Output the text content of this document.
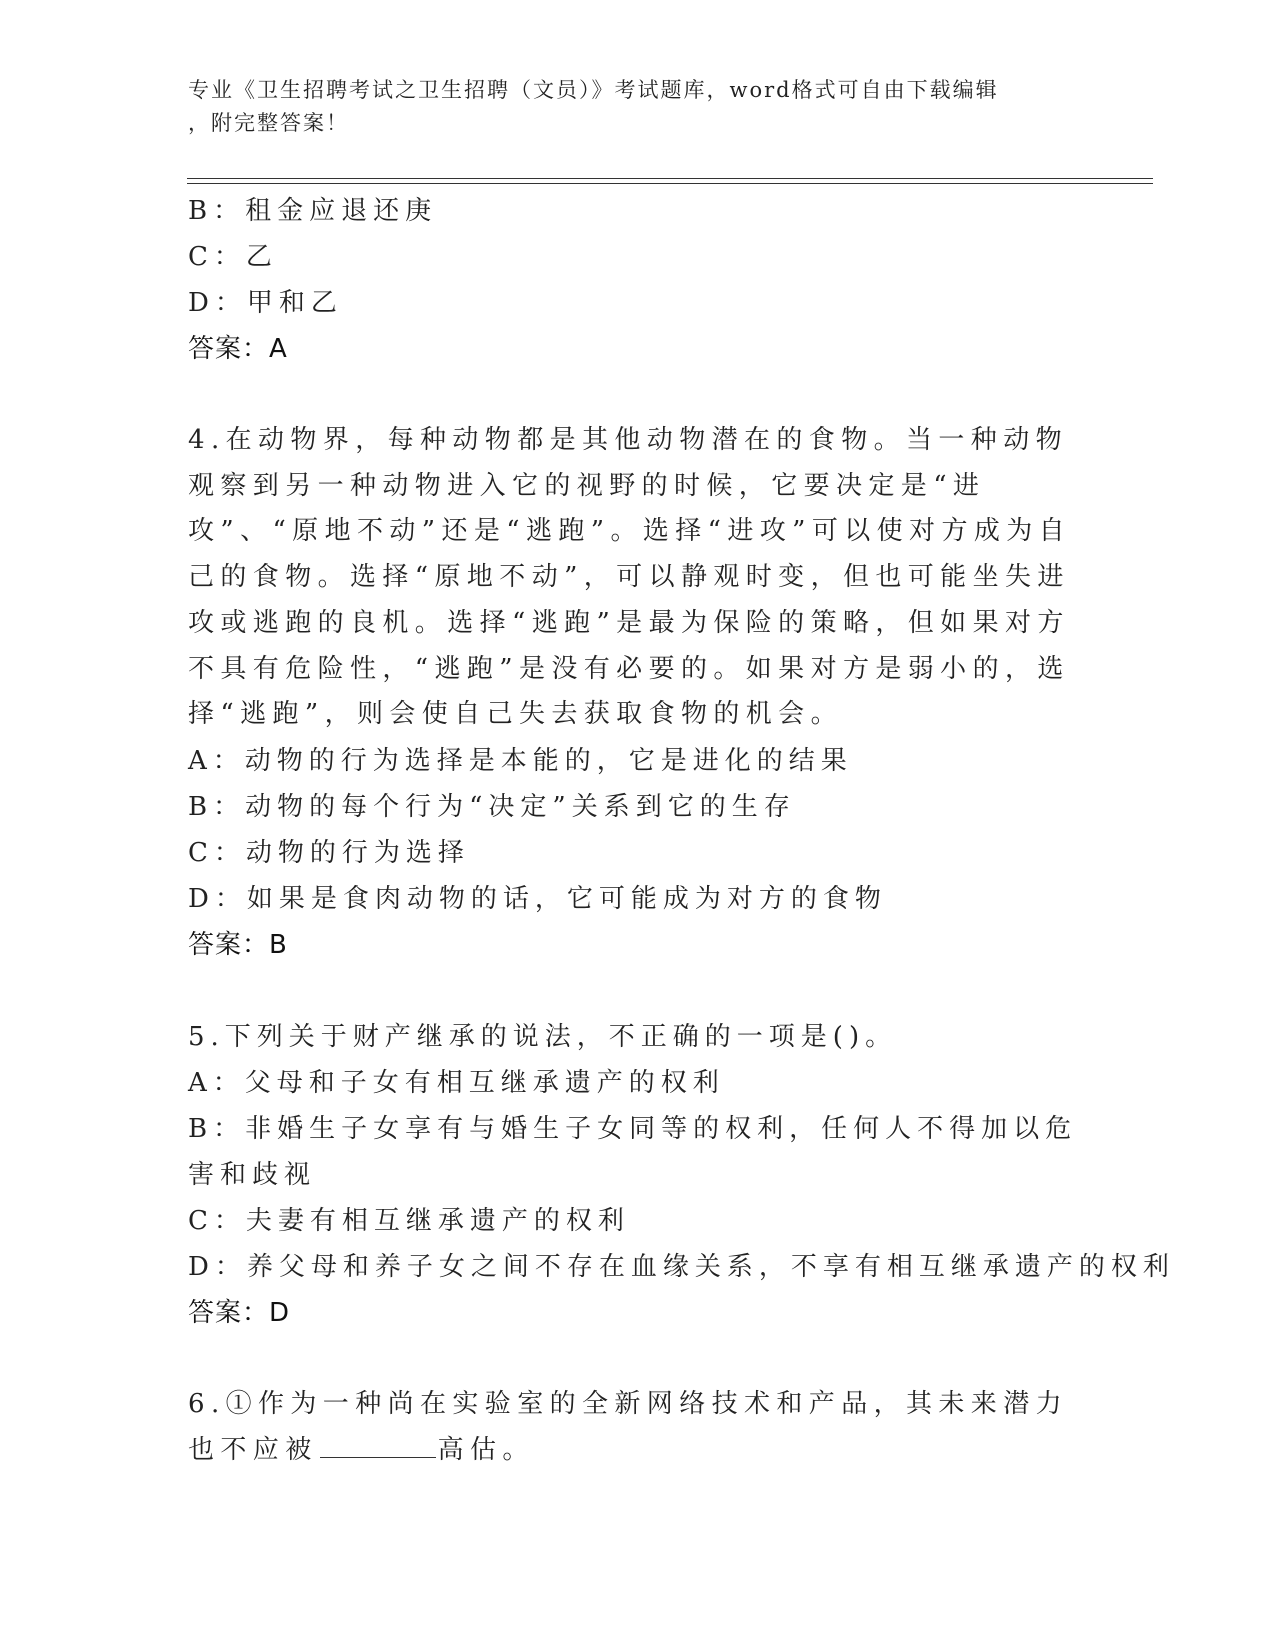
专业《卫生招聘考试之卫生招聘（文员）》考试题库，word格式可自由下载编辑
，附完整答案！
B：租金应退还庚
C：乙
D：甲和乙
答案：A
4.在动物界，每种动物都是其他动物潜在的食物。当一种动物观察到另一种动物进入它的视野的时候，它要决定是“进攻”、“原地不动”还是“逃跑”。选择“进攻”可以使对方成为自己的食物。选择“原地不动”，可以静观时变，但也可能坐失进攻或逃跑的良机。选择“逃跑”是最为保险的策略，但如果对方不具有危险性，“逃跑”是没有必要的。如果对方是弱小的，选择“逃跑”，则会使自己失去获取食物的机会。
A：动物的行为选择是本能的，它是进化的结果
B：动物的每个行为“决定”关系到它的生存
C：动物的行为选择
D：如果是食肉动物的话，它可能成为对方的食物
答案：B
5.下列关于财产继承的说法，不正确的一项是()。
A：父母和子女有相互继承遗产的权利
B：非婚生子女享有与婚生子女同等的权利，任何人不得加以危害和歧视
C：夫妻有相互继承遗产的权利
D：养父母和养子女之间不存在血缘关系，不享有相互继承遗产的权利
答案：D
6.①作为一种尚在实验室的全新网络技术和产品，其未来潜力也不应被	高估。
